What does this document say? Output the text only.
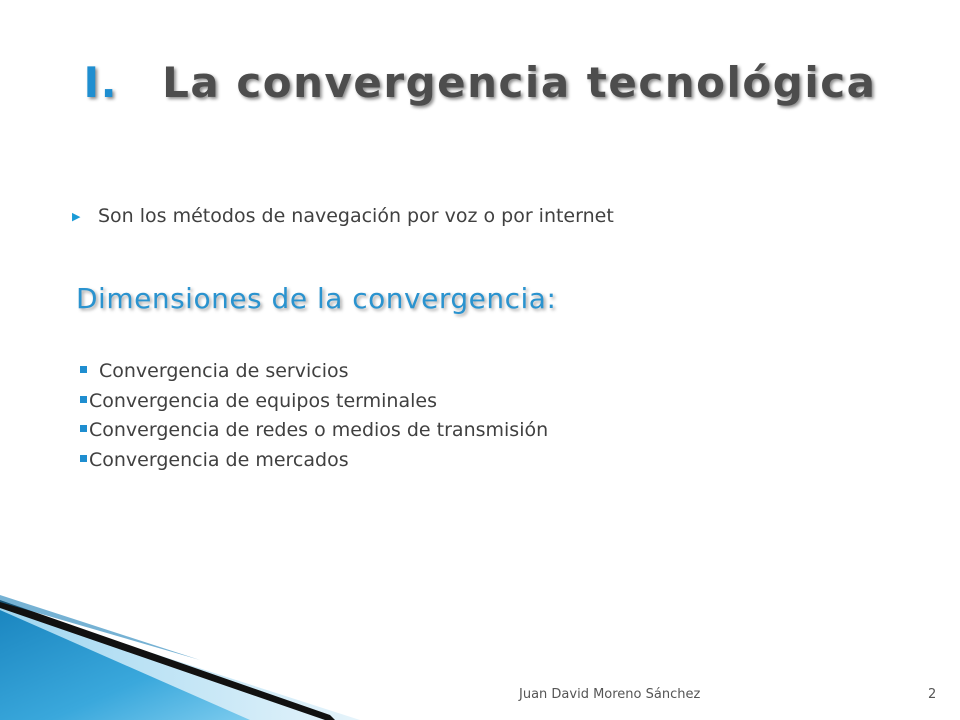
I. La convergencia tecnológica
▶ Son los métodos de navegación por voz o por internet
Dimensiones de la convergencia:
Convergencia de servicios
Convergencia de equipos terminales
Convergencia de redes o medios de transmisión
Convergencia de mercados
Juan David Moreno Sánchez	2
